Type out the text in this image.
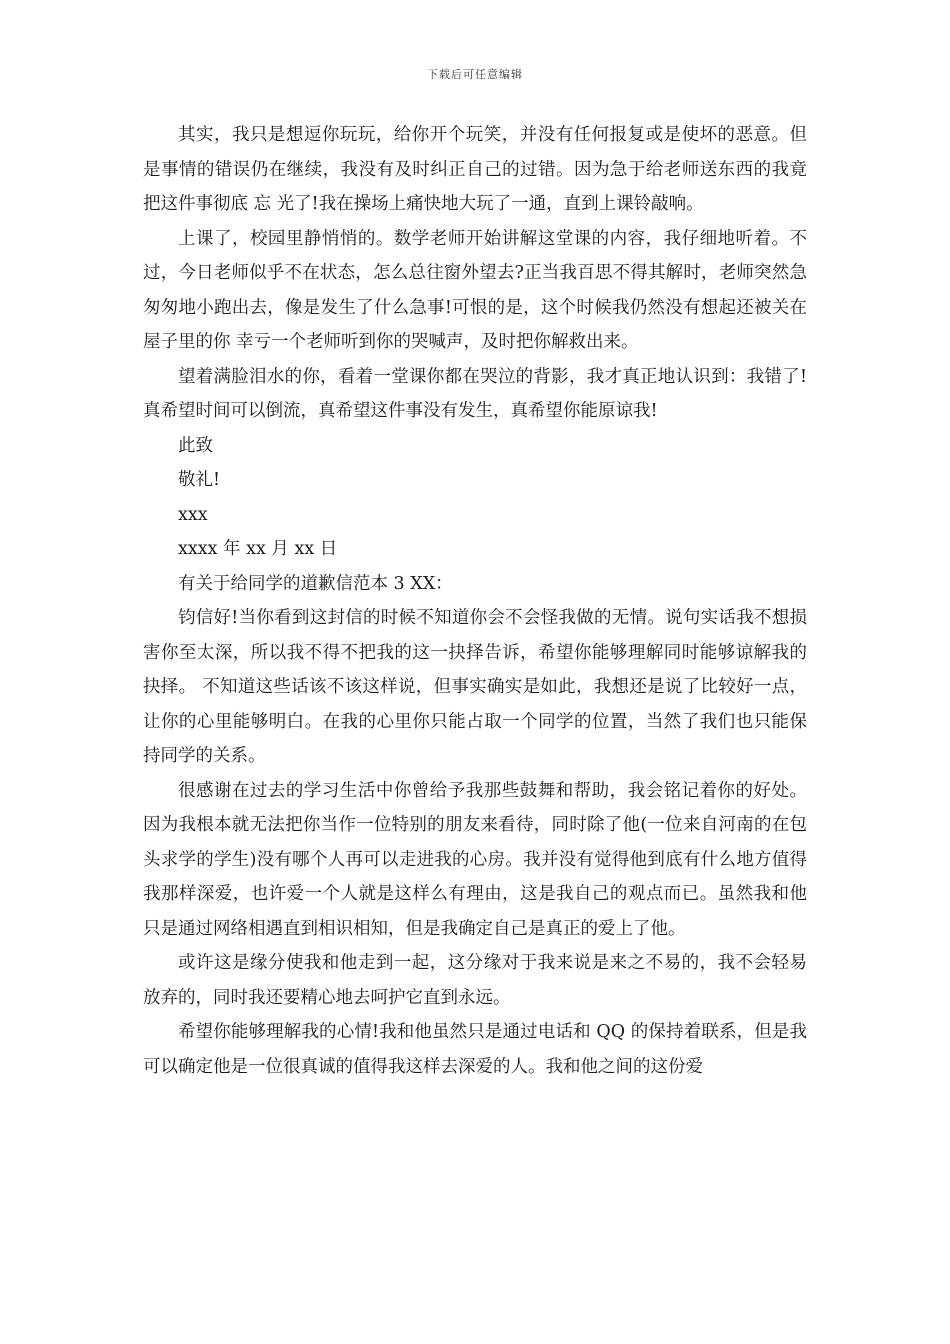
下载后可任意编辑

其实，我只是想逗你玩玩，给你开个玩笑，并没有任何报复或是使坏的恶意。但是事情的错误仍在继续，我没有及时纠正自己的过错。因为急于给老师送东西的我竟把这件事彻底 忘 光了!我在操场上痛快地大玩了一通，直到上课铃敲响。

上课了，校园里静悄悄的。数学老师开始讲解这堂课的内容，我仔细地听着。不过，今日老师似乎不在状态，怎么总往窗外望去?正当我百思不得其解时，老师突然急匆匆地小跑出去，像是发生了什么急事!可恨的是，这个时候我仍然没有想起还被关在屋子里的你 幸亏一个老师听到你的哭喊声，及时把你解救出来。

望着满脸泪水的你，看着一堂课你都在哭泣的背影，我才真正地认识到：我错了!真希望时间可以倒流，真希望这件事没有发生，真希望你能原谅我!

此致

敬礼!

xxx

xxxx 年 xx 月 xx 日

有关于给同学的道歉信范本 3 XX：

钧信好!当你看到这封信的时候不知道你会不会怪我做的无情。说句实话我不想损害你至太深，所以我不得不把我的这一抉择告诉，希望你能够理解同时能够谅解我的抉择。 不知道这些话该不该这样说，但事实确实是如此，我想还是说了比较好一点，让你的心里能够明白。在我的心里你只能占取一个同学的位置，当然了我们也只能保持同学的关系。

很感谢在过去的学习生活中你曾给予我那些鼓舞和帮助，我会铭记着你的好处。因为我根本就无法把你当作一位特别的朋友来看待，同时除了他(一位来自河南的在包头求学的学生)没有哪个人再可以走进我的心房。我并没有觉得他到底有什么地方值得我那样深爱，也许爱一个人就是这样么有理由，这是我自己的观点而已。虽然我和他只是通过网络相遇直到相识相知，但是我确定自己是真正的爱上了他。

或许这是缘分使我和他走到一起，这分缘对于我来说是来之不易的，我不会轻易放弃的，同时我还要精心地去呵护它直到永远。

希望你能够理解我的心情!我和他虽然只是通过电话和 QQ 的保持着联系，但是我可以确定他是一位很真诚的值得我这样去深爱的人。我和他之间的这份爱
